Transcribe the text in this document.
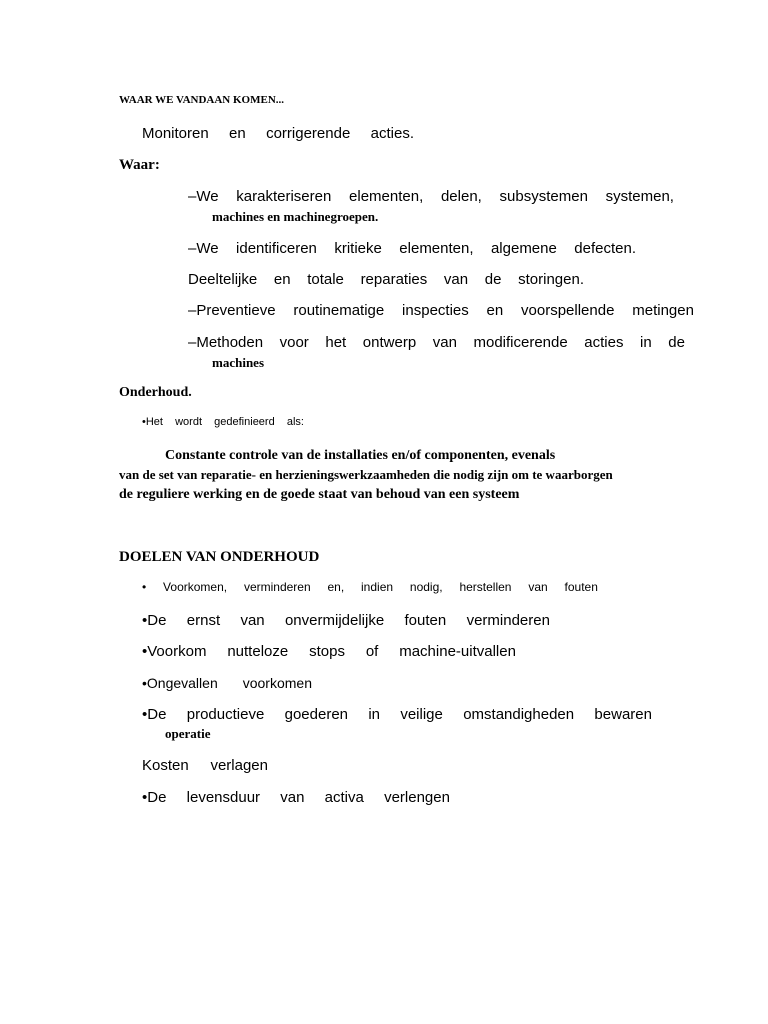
WAAR WE VANDAAN KOMEN...
Monitoren en corrigerende acties.
Waar:
–We karakteriseren elementen, delen, subsystemen systemen,
machines en machinegroepen.
–We identificeren kritieke elementen, algemene defecten.
Deeltelijke en totale reparaties van de storingen.
–Preventieve routinematige inspecties en voorspellende metingen
–Methoden voor het ontwerp van modificerende acties in de
machines
Onderhoud.
•Het wordt gedefinieerd als:
Constante controle van de installaties en/of componenten, evenals
van de set van reparatie- en herzieningswerkzaamheden die nodig zijn om te waarborgen
de reguliere werking en de goede staat van behoud van een systeem
DOELEN VAN ONDERHOUD
• Voorkomen, verminderen en, indien nodig, herstellen van fouten
•De ernst van onvermijdelijke fouten verminderen
•Voorkom nutteloze stops of machine-uitvallen
•Ongevallen voorkomen
•De productieve goederen in veilige omstandigheden bewaren
operatie
Kosten verlagen
•De levensduur van activa verlengen
